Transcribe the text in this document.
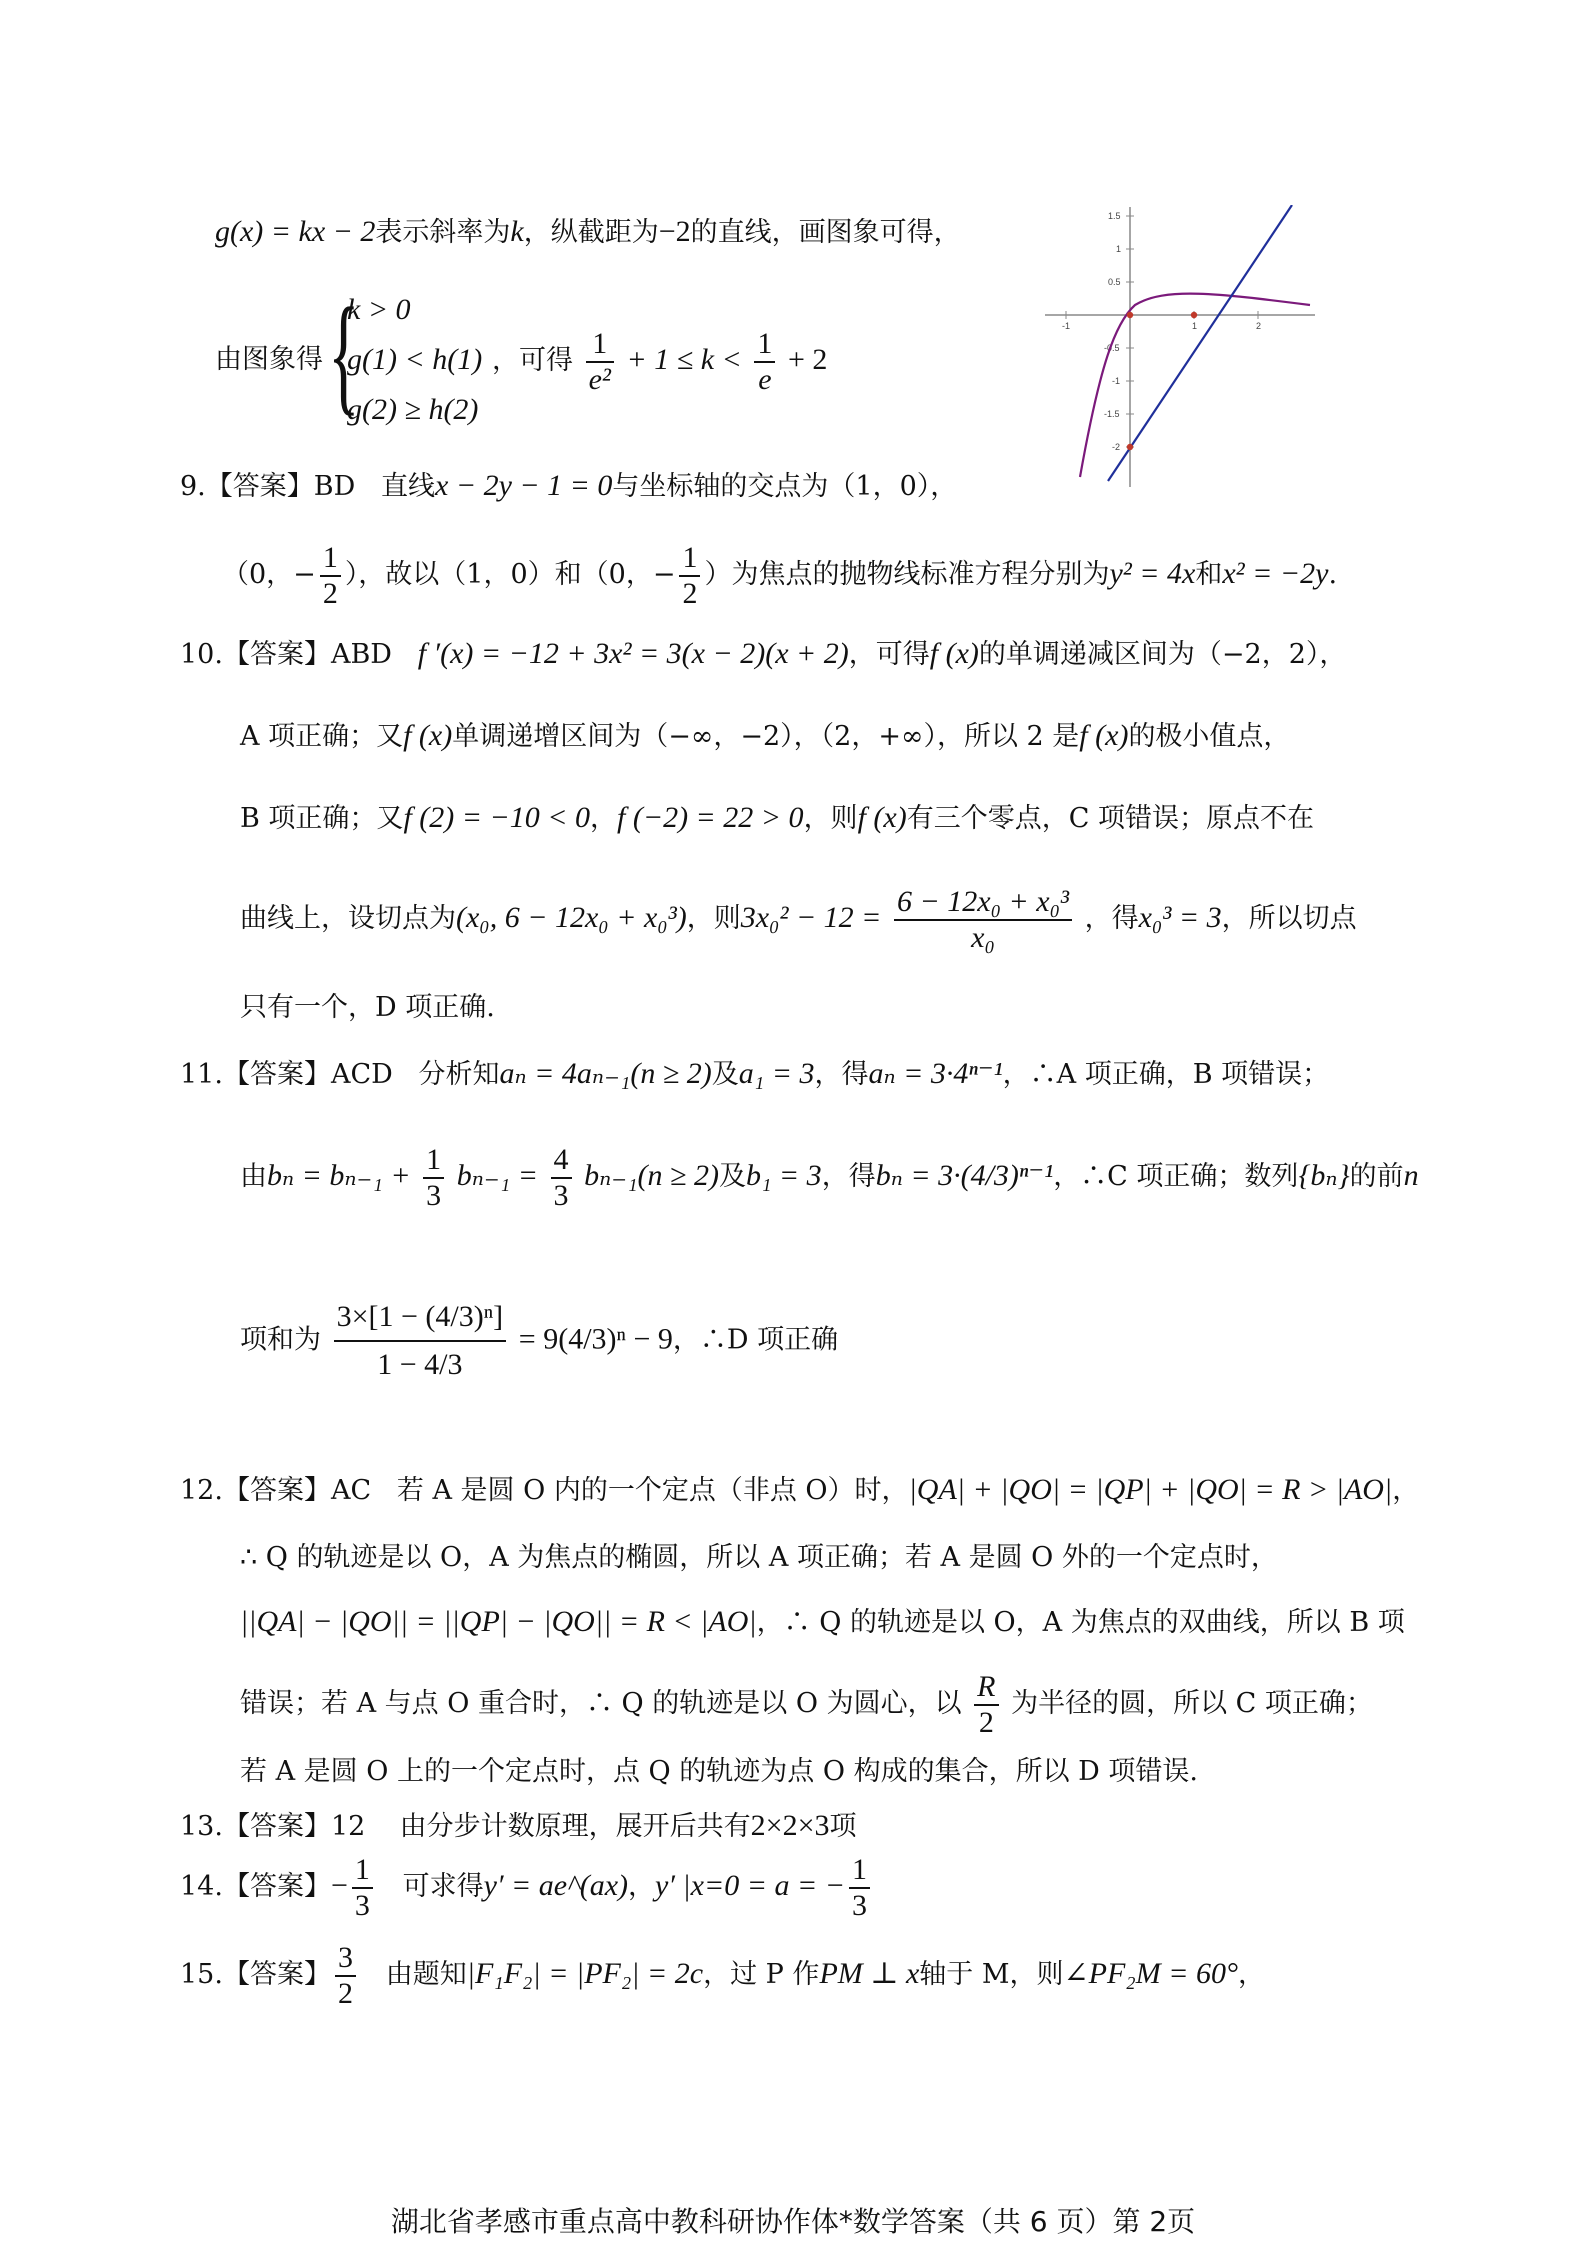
-1	1	2
1.5
1
0.5
-0.5
-1
-1.5
-2
g(x) = kx − 2表示斜率为k，纵截距为−2的直线，画图象可得，
由图象得 {
k > 0
g(1) < h(1)
g(2) ≥ h(2)
，可得 $\frac{1}{\text{e²}} + 1 \le k < \frac{1}{e} + 2$
9.【答案】BD 直线x − 2y − 1 = 0与坐标轴的交点为（1，0），
（0，− $\frac{1}{2}$ ），故以（1，0）和（0，− $\frac{1}{2}$ ）为焦点的抛物线标准方程分别为y² = 4x和x² = −2y.
10.【答案】ABD f ′(x) = −12 + 3x² = 3(x − 2)(x + 2)，可得f (x)的单调递减区间为（−2，2），
A 项正确；又f (x)单调递增区间为（−∞，−2），（2，+∞），所以 2 是f (x)的极小值点，
B 项正确；又f (2) = −10 < 0，f (−2) = 22 > 0，则f (x)有三个零点，C 项错误；原点不在
曲线上，设切点为(x₀, 6 − 12x₀ + x₀³)，则$3x_0^2 - 12 = \frac{\text{6 − 12x₀ + x₀³}}{\text{x₀}}$ ，得x₀³ = 3，所以切点
只有一个，D 项正确.
11.【答案】ACD 分析知aₙ = 4aₙ₋₁(n ≥ 2)及a₁ = 3，得aₙ = 3·4ⁿ⁻¹，∴A 项正确，B 项错误；
由$b_n = b_{n-1} + \frac{1}{3} b_{n-1} = \frac{4}{3} b_{n-1}(n \ge 2)$及b₁ = 3，得bₙ = 3·(4/3)ⁿ⁻¹，∴C 项正确；数列{bₙ}的前n
项和为 $\frac{\text{3×[1 − (4/3)ⁿ]}}{1 - 4/3} = 9(4/3)^n - 9$，∴D 项正确
12.【答案】AC 若 A 是圆 O 内的一个定点（非点 O）时，|QA| + |QO| = |QP| + |QO| = R > |AO|，
∴ Q 的轨迹是以 O，A 为焦点的椭圆，所以 A 项正确；若 A 是圆 O 外的一个定点时，
||QA| − |QO|| = ||QP| − |QO|| = R < |AO|，∴ Q 的轨迹是以 O，A 为焦点的双曲线，所以 B 项
错误；若 A 与点 O 重合时，∴ Q 的轨迹是以 O 为圆心，以 $\frac{R}{2}$ 为半径的圆，所以 C 项正确；
若 A 是圆 O 上的一个定点时，点 Q 的轨迹为点 O 构成的集合，所以 D 项错误.
13.【答案】12 由分步计数原理，展开后共有2×2×3项
14.【答案】− $\frac{1}{3}$ 可求得y′ = ae^(ax)，y′ |x=0 = a = − $\frac{1}{3}$
15.【答案】 $\frac{3}{2}$ 由题知|F₁F₂| = |PF₂| = 2c，过 P 作PM ⊥ x轴于 M，则∠PF₂M = 60°，
湖北省孝感市重点高中教科研协作体*数学答案（共 6 页）第 2页
